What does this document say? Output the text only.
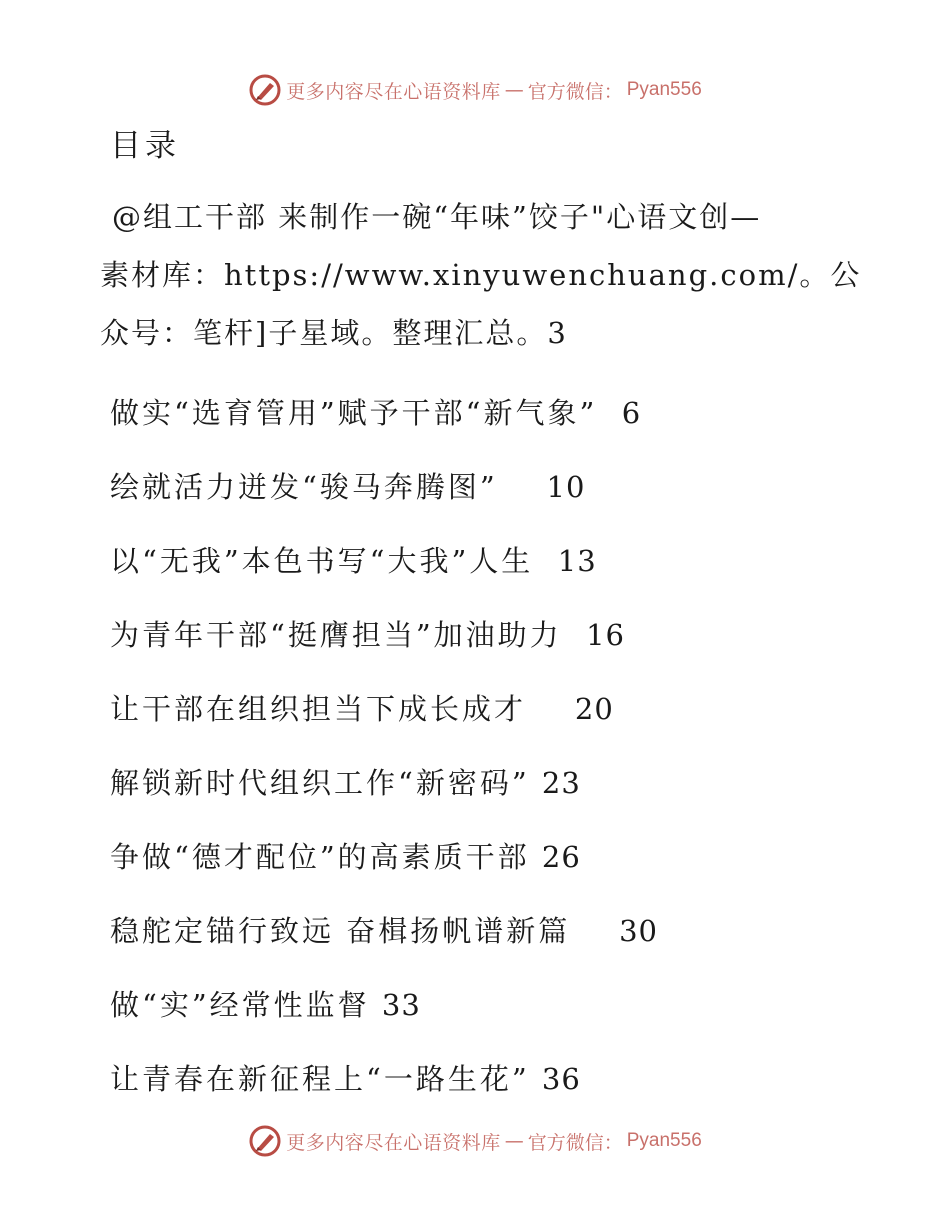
更多内容尽在心语资料库 — 官方微信： Pyan556
目录
@组工干部 来制作一碗“年味”饺子"心语文创—
素材库：https://www.xinyuwenchuang.com/。公
众号：笔杆]子星域。整理汇总。3
做实“选育管用”赋予干部“新气象” 6
绘就活力迸发“骏马奔腾图” 10
以“无我”本色书写“大我”人生 13
为青年干部“挺膺担当”加油助力 16
让干部在组织担当下成长成才 20
解锁新时代组织工作“新密码” 23
争做“德才配位”的高素质干部 26
稳舵定锚行致远 奋楫扬帆谱新篇 30
做“实”经常性监督 33
让青春在新征程上“一路生花” 36
更多内容尽在心语资料库 — 官方微信： Pyan556
